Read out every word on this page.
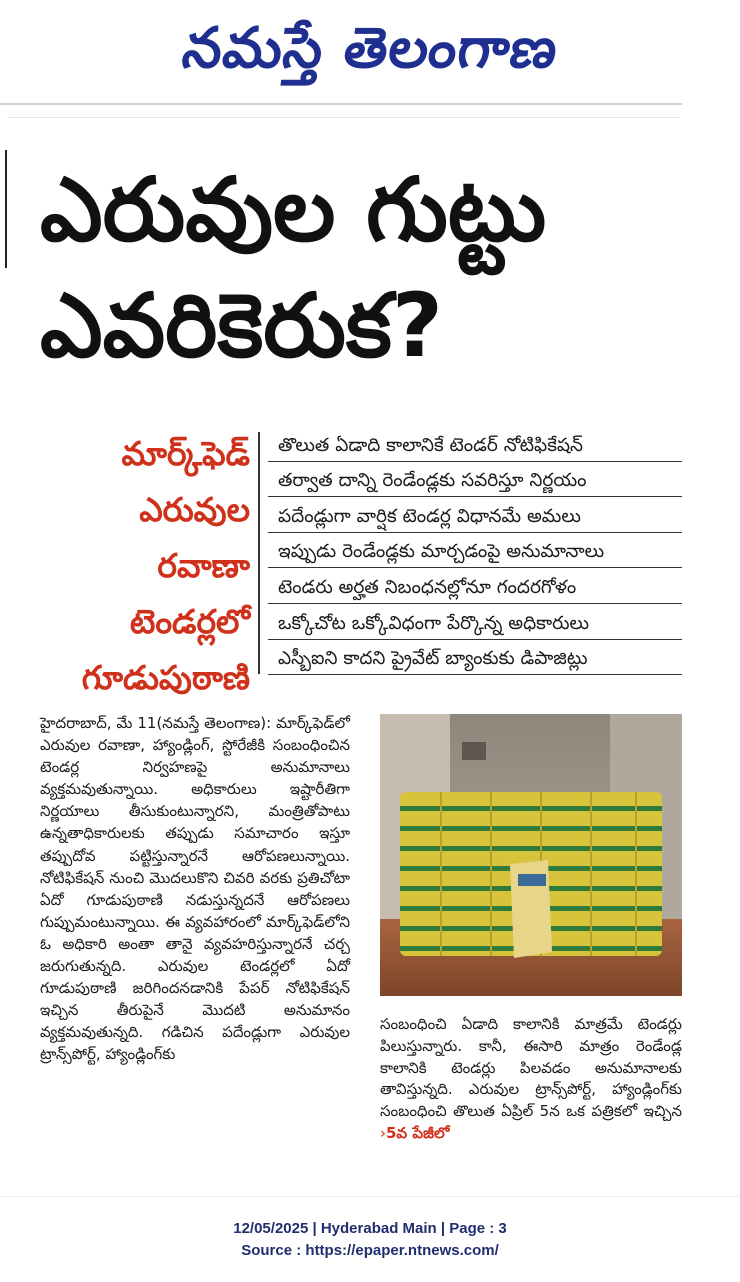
నమస్తే తెలంగాణ
ఎరువుల గుట్టు
ఎవరికెరుక?
మార్క్‌ఫెడ్
ఎరువుల
రవాణా
టెండర్లలో
గూడుపుఠాణి
తొలుత ఏడాది కాలానికే టెండర్‌ నోటిఫికేషన్‌
తర్వాత దాన్ని రెండేండ్లకు సవరిస్తూ నిర్ణయం
పదేండ్లుగా వార్షిక టెండర్ల విధానమే అమలు
ఇప్పుడు రెండేండ్లకు మార్చడంపై అనుమానాలు
టెండరు అర్హత నిబంధనల్లోనూ గందరగోళం
ఒక్కోచోట ఒక్కోవిధంగా పేర్కొన్న అధికారులు
ఎస్బీఐని కాదని ప్రైవేట్‌ బ్యాంకుకు డిపాజిట్లు

హైదరాబాద్‌, మే 11(నమస్తే తెలంగాణ): మార్క్‌ఫెడ్‌లో ఎరువుల రవాణా, హ్యాండ్లింగ్‌, స్టోరేజీకి సంబంధించిన టెండర్ల నిర్వహణపై అనుమానాలు వ్యక్తమవుతున్నాయి. అధికారులు ఇష్టారీతిగా నిర్ణయాలు తీసుకుంటున్నారని, మంత్రితోపాటు ఉన్నతాధికారులకు తప్పుడు సమాచారం ఇస్తూ తప్పుదోవ పట్టిస్తున్నారనే ఆరోపణలున్నాయి. నోటిఫికేషన్‌ నుంచి మొదలుకొని చివరి వరకు ప్రతిచోటా ఏదో గూడుపుఠాణి నడుస్తున్నదనే ఆరోపణలు గుప్పుమంటున్నాయి. ఈ వ్యవహారంలో మార్క్‌ఫెడ్‌లోని ఓ అధికారి అంతా తానై వ్యవహరిస్తున్నారనే చర్చ జరుగుతున్నది. ఎరువుల టెండర్లలో ఏదో గూడుపుఠాణి జరిగిందనడానికి పేపర్‌ నోటిఫికేషన్‌ ఇచ్చిన తీరుపైనే మొదటి అనుమానం వ్యక్తమవుతున్నది. గడిచిన పదేండ్లుగా ఎరువుల ట్రాన్స్‌పోర్ట్‌, హ్యాండ్లింగ్‌కు

సంబంధించి ఏడాది కాలానికి మాత్రమే టెండర్లు పిలుస్తున్నారు. కానీ, ఈసారి మాత్రం రెండేండ్ల కాలానికి టెండర్లు పిలవడం అనుమానాలకు తావిస్తున్నది. ఎరువుల ట్రాన్స్‌పోర్ట్‌, హ్యాండ్లింగ్‌కు సంబంధించి తొలుత ఏప్రిల్‌ 5న ఒక పత్రికలో ఇచ్చిన ›5వ పేజీలో

12/05/2025 | Hyderabad Main | Page : 3
Source : https://epaper.ntnews.com/
